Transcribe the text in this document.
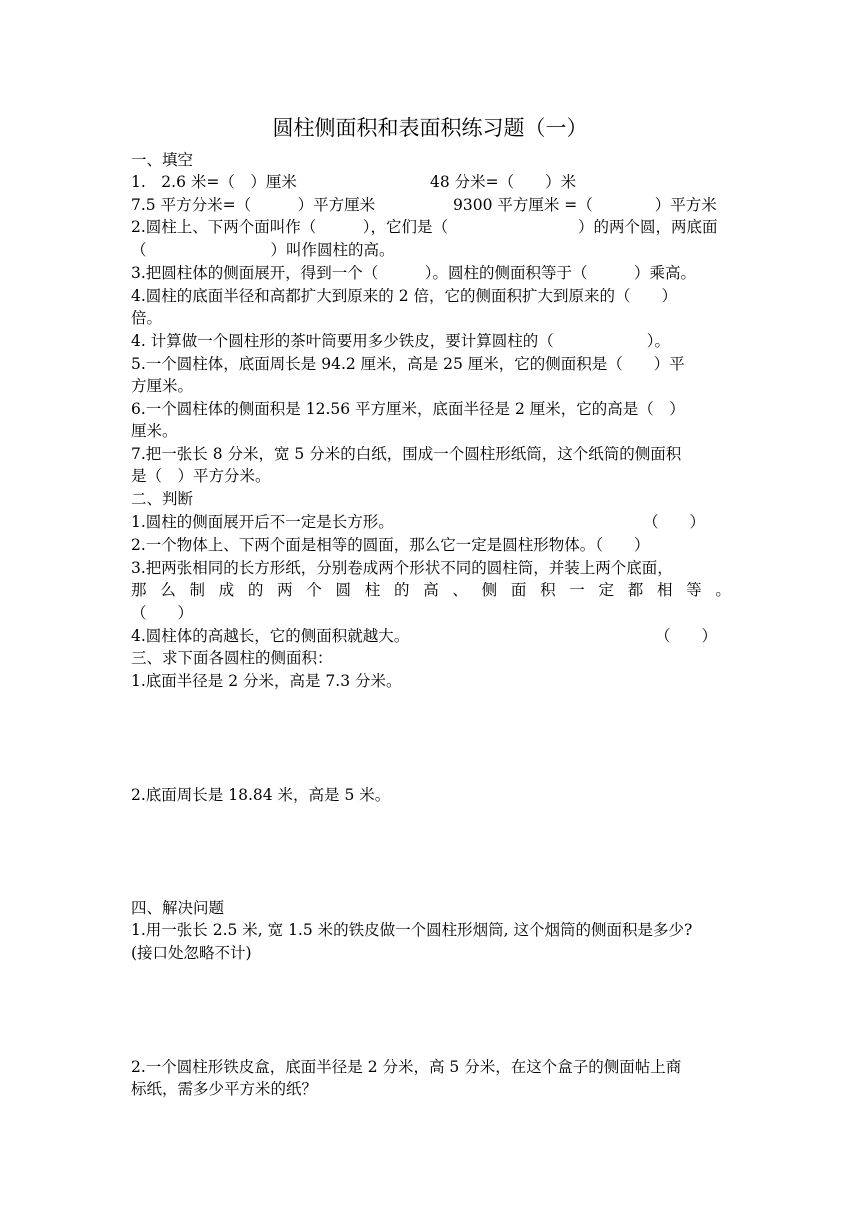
圆柱侧面积和表面积练习题（一）
一、填空
1.　2.6 米=（　）厘米	48 分米=（　　）米
7.5 平方分米=（　　　）平方厘米	9300 平方厘米 =（　　　　）平方米
2.圆柱上、下两个面叫作（　　　），它们是（	）的两个圆，两底面
（　　　　　　　　）叫作圆柱的高。
3.把圆柱体的侧面展开，得到一个（　　　）。圆柱的侧面积等于（　　　）乘高。
4.圆柱的底面半径和高都扩大到原来的 2 倍，它的侧面积扩大到原来的（　　）
倍。
4. 计算做一个圆柱形的茶叶筒要用多少铁皮，要计算圆柱的（　　　　　　）。
5.一个圆柱体，底面周长是 94.2 厘米，高是 25 厘米，它的侧面积是（　　）平
方厘米。
6.一个圆柱体的侧面积是 12.56 平方厘米，底面半径是 2 厘米，它的高是（　）
厘米。
7.把一张长 8 分米，宽 5 分米的白纸，围成一个圆柱形纸筒，这个纸筒的侧面积
是（　）平方分米。
二、判断
1.圆柱的侧面展开后不一定是长方形。	（　　）
2.一个物体上、下两个面是相等的圆面，那么它一定是圆柱形物体。（　　）
3.把两张相同的长方形纸，分别卷成两个形状不同的圆柱筒，并装上两个底面，
那 么 制 成 的 两 个 圆 柱 的 高 、 侧 面 积 一 定 都 相 等 。
（　　）
4.圆柱体的高越长，它的侧面积就越大。	（　　）
三、求下面各圆柱的侧面积：
1.底面半径是 2 分米，高是 7.3 分米。
2.底面周长是 18.84 米，高是 5 米。
四、解决问题
1.用一张长 2.5 米, 宽 1.5 米的铁皮做一个圆柱形烟筒, 这个烟筒的侧面积是多少?
(接口处忽略不计)
2.一个圆柱形铁皮盒，底面半径是 2 分米，高 5 分米，在这个盒子的侧面帖上商
标纸，需多少平方米的纸？
